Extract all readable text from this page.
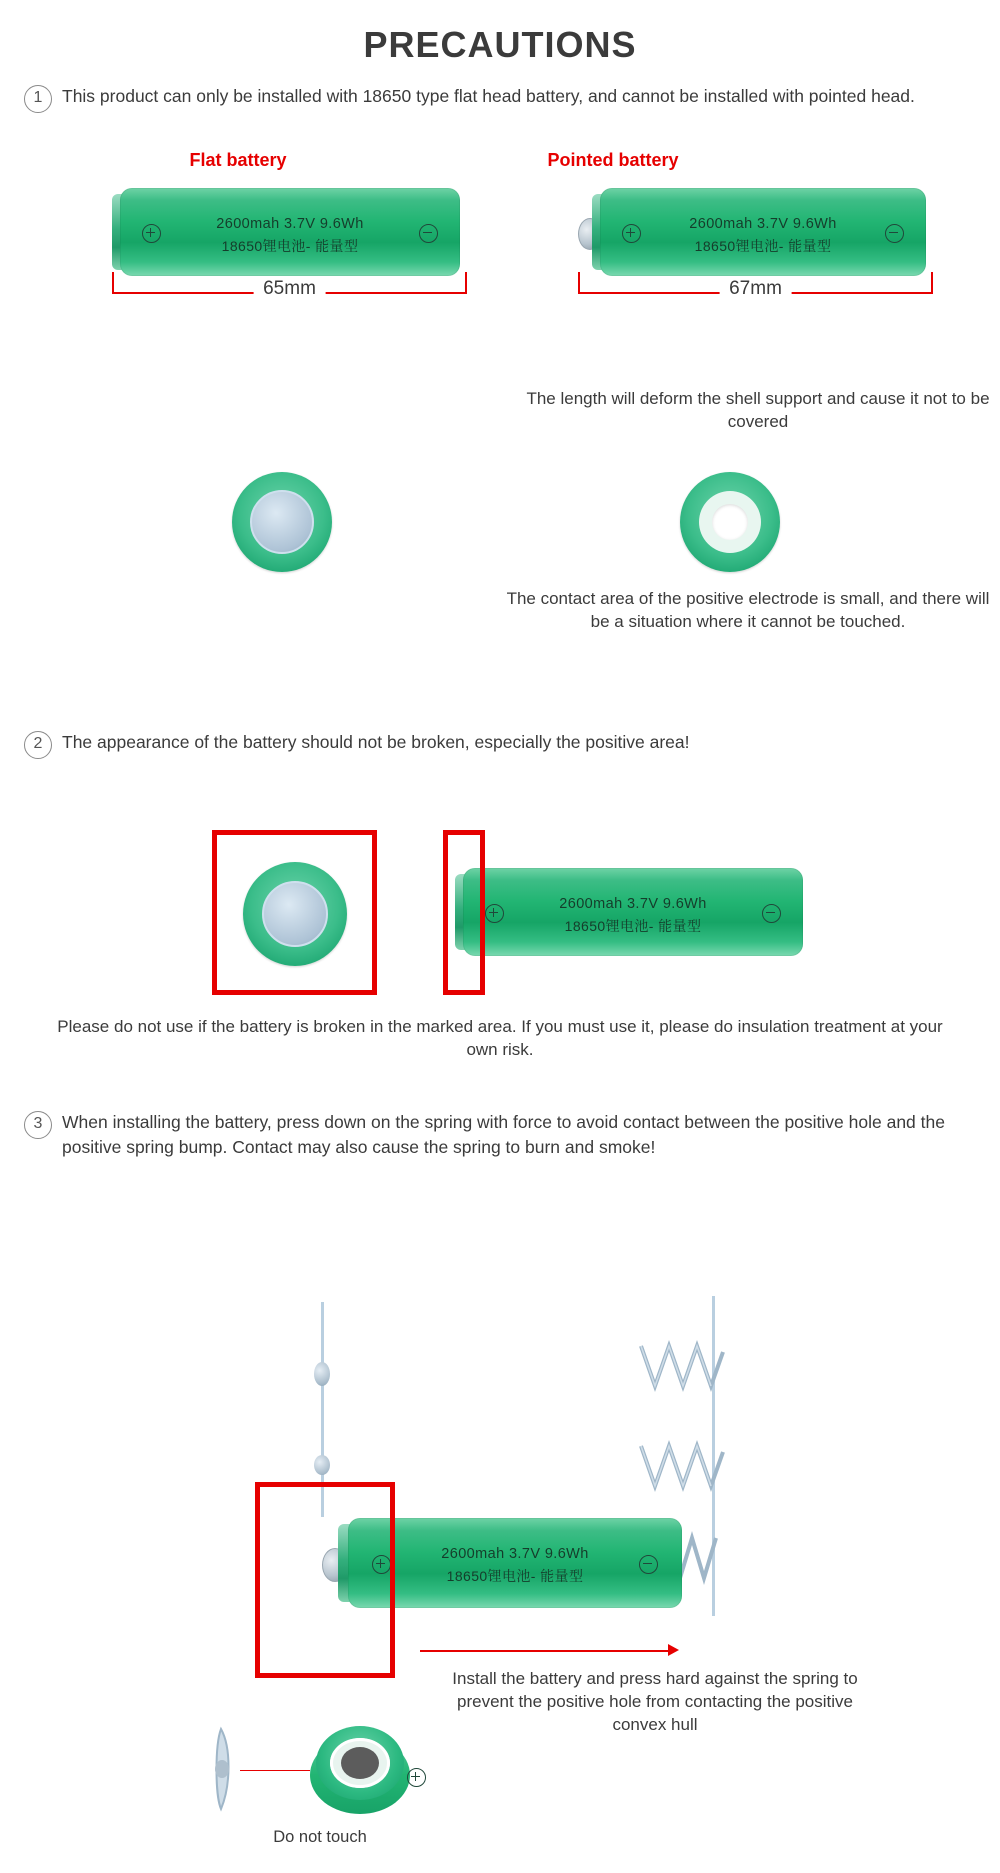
PRECAUTIONS
1	This product can only be installed with 18650 type flat head battery, and cannot be installed with pointed head.
Flat battery	Pointed battery
2600mah 3.7V 9.6Wh
18650锂电池- 能量型
65mm
2600mah 3.7V 9.6Wh
18650锂电池- 能量型
67mm
The length will deform the shell support and cause it not to be covered
The contact area of the positive electrode is small, and there will be a situation where it cannot be touched.
2	The appearance of the battery should not be broken, especially the positive area!
2600mah 3.7V 9.6Wh
18650锂电池- 能量型
Please do not use if the battery is broken in the marked area. If you must use it, please do insulation treatment at your own risk.
3	When installing the battery, press down on the spring with force to avoid contact between the positive hole and the positive spring bump. Contact may also cause the spring to burn and smoke!
2600mah 3.7V 9.6Wh
18650锂电池- 能量型
Install the battery and press hard against the spring to prevent the positive hole from contacting the positive convex hull
Do not touch
